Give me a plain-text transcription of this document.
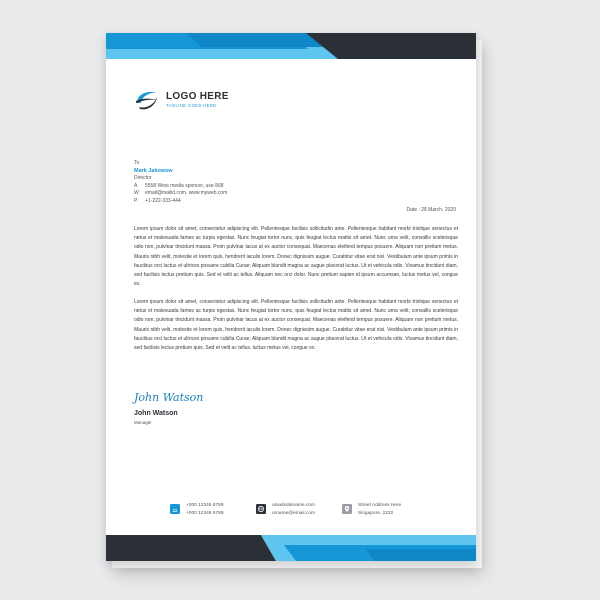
LOGO HERE
TAGLINE GOES HERE
To
Mark Jakowsw
Director
A	5558 West media sponcer, use-568
W email@mailid.com, www.myweb.com
P	+1-222-333-444
Date : 28 March, 2020
Lorem ipsum dolor sit amet, consectetur adipiscing elit. Pellentesque facilisis sollicitudin ante. Pellentesque habitant morbi tristique senectus et netus et malesuada fames ac turpis egestas. Nunc feugiat tortor nunc, quis feugiat lectus mattis sit amet. Nunc urna velit, convallis scelerisque odio non, pulvinar tincidunt massa. Proin pulvinar lacus at ex auctor consequat. Maecenas eleifend tempus posuere. Aliquam non pretium metus. Mauris nibh velit, molestie et lorem quis, hendrerit iaculis lorem. Donec dignissim augue. Curabitur vitae erat nisi. Vestibulum ante ipsum primis in faucibus orci luctus et ultrices posuere cubilia Curae; Aliquam blandit magna ac augue placerat luctus. Ut et vehicula odio. Vivamus tincidunt diam, sed facilisis lectus pretium quis. Sed et velit ac tellus. Aliquam nec orci dolor. Nunc pretium sapien id ipsum accumsan, luctus metus vel, congue ex.
Lorem ipsum dolor sit amet, consectetur adipiscing elit. Pellentesque facilisis sollicitudin ante. Pellentesque habitant morbi tristique senectus et netus et malesuada fames ac turpis egestas. Nunc feugiat tortor nunc, quis feugiat lectus mattis sit amet. Nunc urna velit, convallis scelerisque odio non, pulvinar tincidunt massa. Proin pulvinar lacus at ex auctor consequat. Maecenas eleifend tempus posuere. Aliquam non pretium metus. Mauris nibh velit, molestie et lorem quis, hendrerit iaculis lorem. Donec dignissim augue. Curabitur vitae erat nisi. Vestibulum ante ipsum primis in faucibus orci luctus et ultrices posuere cubilia Curae; Aliquam blandit magna ac augue placerat luctus. Ut et vehicula odio. Vivamus tincidunt diam, sed facilisis lectus pretium quis. Sed et velit ac tellus. luctus metus vel, congue ex.
John Watson
John Watson
Manager
+000 12345 6789
+000 12345 6789
urwebsitename.com
urname@email.com
Street Address Here
Singapore, 2222
